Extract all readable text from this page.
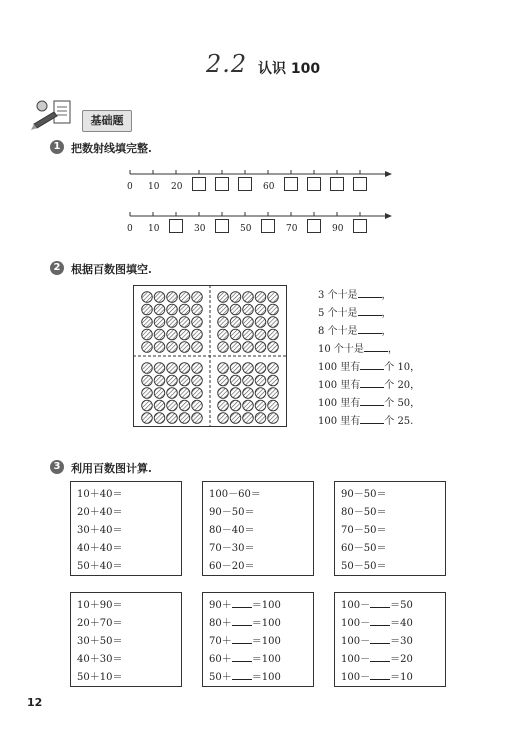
2.2 认识 100
基础题
1 把数射线填完整.
0 10 20	60
0 10	30	50	70	90
2 根据百数图填空.
3 个十是 ，
5 个十是 ，
8 个十是 ，
10 个十是 ，
100 里有 个 10，
100 里有 个 20，
100 里有 个 50，
100 里有 个 25.
3 利用百数图计算.
10＋40＝
20＋40＝
30＋40＝
40＋40＝
50＋40＝
100－60＝
90－50＝
80－40＝
70－30＝
60－20＝
90－50＝
80－50＝
70－50＝
60－50＝
50－50＝
10＋90＝
20＋70＝
30＋50＝
40＋30＝
50＋10＝
90＋ ＝100
80＋ ＝100
70＋ ＝100
60＋ ＝100
50＋ ＝100
100－ ＝50
100－ ＝40
100－ ＝30
100－ ＝20
100－ ＝10
12
